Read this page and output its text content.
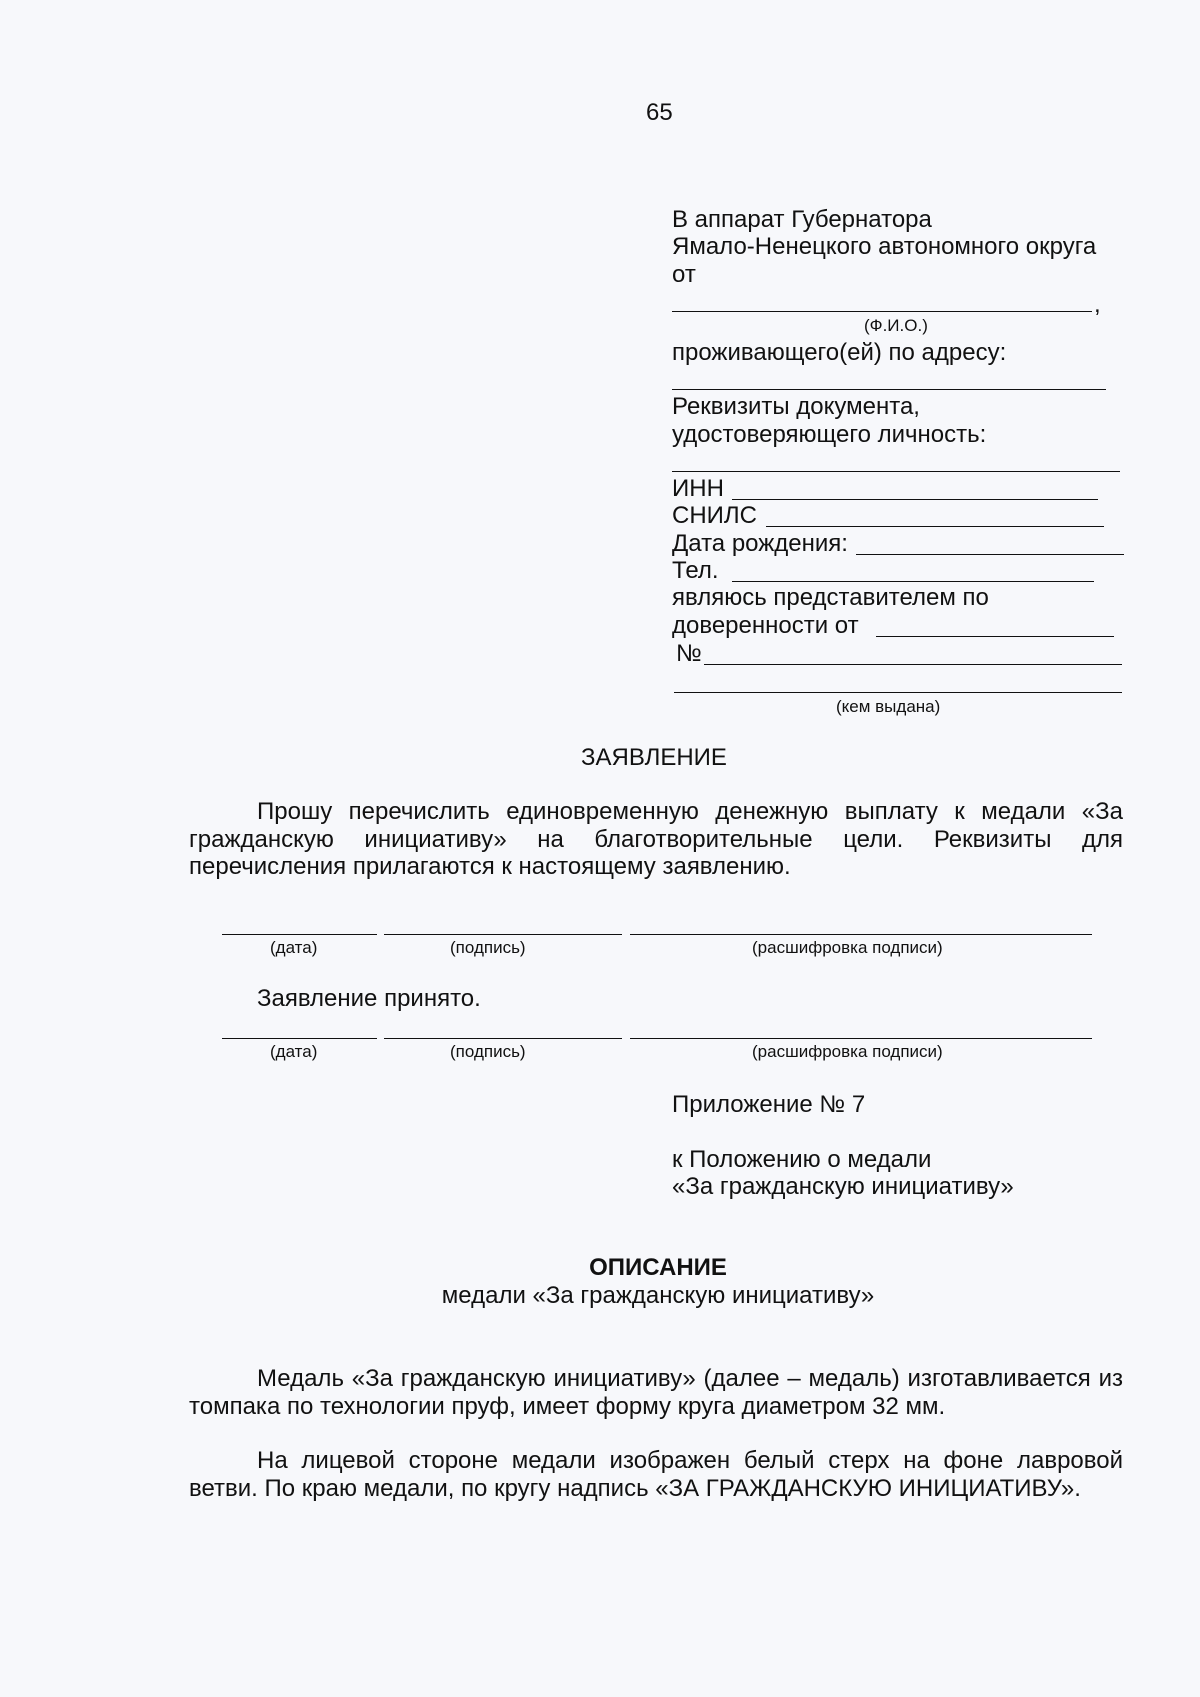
65
В аппарат Губернатора
Ямало-Ненецкого автономного округа
от
,
(Ф.И.О.)
проживающего(ей) по адресу:
Реквизиты документа,
удостоверяющего личность:
ИНН
СНИЛС
Дата рождения:
Тел.
являюсь представителем по
доверенности от
№
(кем выдана)
ЗАЯВЛЕНИЕ
Прошу перечислить единовременную денежную выплату к медали «За гражданскую инициативу» на благотворительные цели. Реквизиты для перечисления прилагаются к настоящему заявлению.
(дата)	(подпись)	(расшифровка подписи)
Заявление принято.
(дата)	(подпись)	(расшифровка подписи)
Приложение № 7
к Положению о медали
«За гражданскую инициативу»
ОПИСАНИЕ
медали «За гражданскую инициативу»
Медаль «За гражданскую инициативу» (далее – медаль) изготавливается из томпака по технологии пруф, имеет форму круга диаметром 32 мм.
На лицевой стороне медали изображен белый стерх на фоне лавровой ветви. По краю медали, по кругу надпись «ЗА ГРАЖДАНСКУЮ ИНИЦИАТИВУ».
